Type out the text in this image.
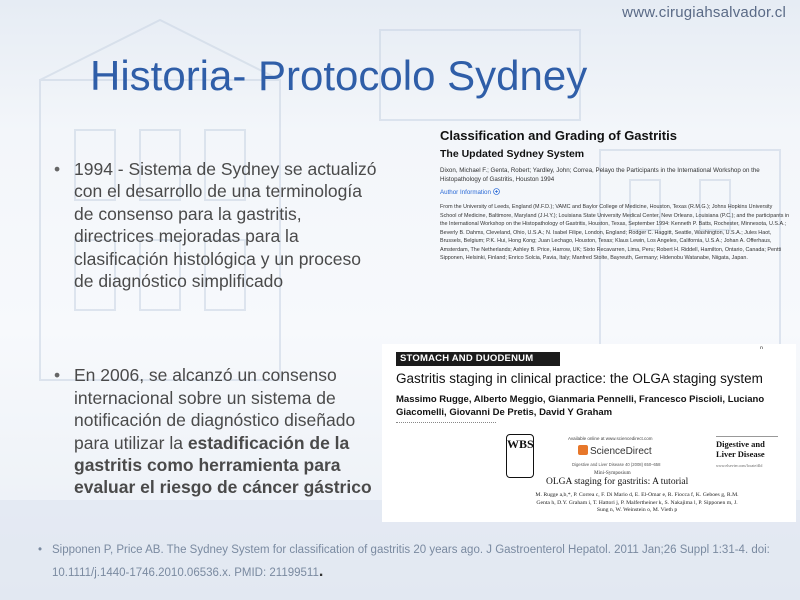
www.cirugiahsalvador.cl
Historia- Protocolo Sydney
• 1994 - Sistema de Sydney se actualizó con el desarrollo de una terminología de consenso para la gastritis, directrices mejoradas para la clasificación histológica y un proceso de diagnóstico simplificado
• En 2006, se alcanzó un consenso internacional sobre un sistema de notificación de diagnóstico diseñado para utilizar la estadificación de la gastritis como herramienta para evaluar el riesgo de cáncer gástrico
Classification and Grading of Gastritis
The Updated Sydney System
Dixon, Michael F.; Genta, Robert; Yardley, John; Correa, Pelayo the Participants in the International Workshop on the Histopathology of Gastritis, Houston 1994
Author Information
From the University of Leeds, England (M.F.D.); VAMC and Baylor College of Medicine, Houston, Texas (R.M.G.); Johns Hopkins University School of Medicine, Baltimore, Maryland (J.H.Y.); Louisiana State University Medical Center, New Orleans, Louisiana (P.C.); and the participants in the International Workshop on the Histopathology of Gastritis, Houston, Texas, September 1994: Kenneth P. Batts, Rochester, Minnesota, U.S.A.; Beverly B. Dahms, Cleveland, Ohio, U.S.A.; N. Isabel Filipe, London, England; Rodger C. Haggitt, Seattle, Washington, U.S.A.; Jules Haot, Brussels, Belgium; P.K. Hui, Hong Kong; Juan Lechago, Houston, Texas; Klaus Lewin, Los Angeles, California, U.S.A.; Johan A. Offerhaus, Amsterdam, The Netherlands; Ashley B. Price, Harrow, UK; Sixto Recavarren, Lima, Peru; Robert H. Riddell, Hamilton, Ontario, Canada; Pentti Sipponen, Helsinki, Finland; Enrico Solcia, Pavia, Italy; Manfred Stolte, Bayreuth, Germany; Hidenobu Watanabe, Niigata, Japan.
ⁿ
STOMACH AND DUODENUM
Gastritis staging in clinical practice: the OLGA staging system
Massimo Rugge, Alberto Meggio, Gianmaria Pennelli, Francesco Piscioli, Luciano Giacomelli, Giovanni De Pretis, David Y Graham
WBS	Available online at www.sciencedirect.com
ScienceDirect
Digestive and Liver Disease 40 (2008) 650–658
Digestive and Liver Disease
www.elsevier.com/locate/dld
Mini-Symposium
OLGA staging for gastritis: A tutorial
M. Rugge a,b,*, P. Correa c, F. Di Mario d, E. El-Omar e, R. Fiocca f, K. Geboes g, R.M. Genta h, D.Y. Graham i, T. Hattori j, P. Malfertheiner k, S. Nakajima l, P. Sipponen m, J. Sung n, W. Weinstein o, M. Vieth p
• Sipponen P, Price AB. The Sydney System for classification of gastritis 20 years ago. J Gastroenterol Hepatol. 2011 Jan;26 Suppl 1:31-4. doi: 10.1111/j.1440-1746.2010.06536.x. PMID: 21199511.
